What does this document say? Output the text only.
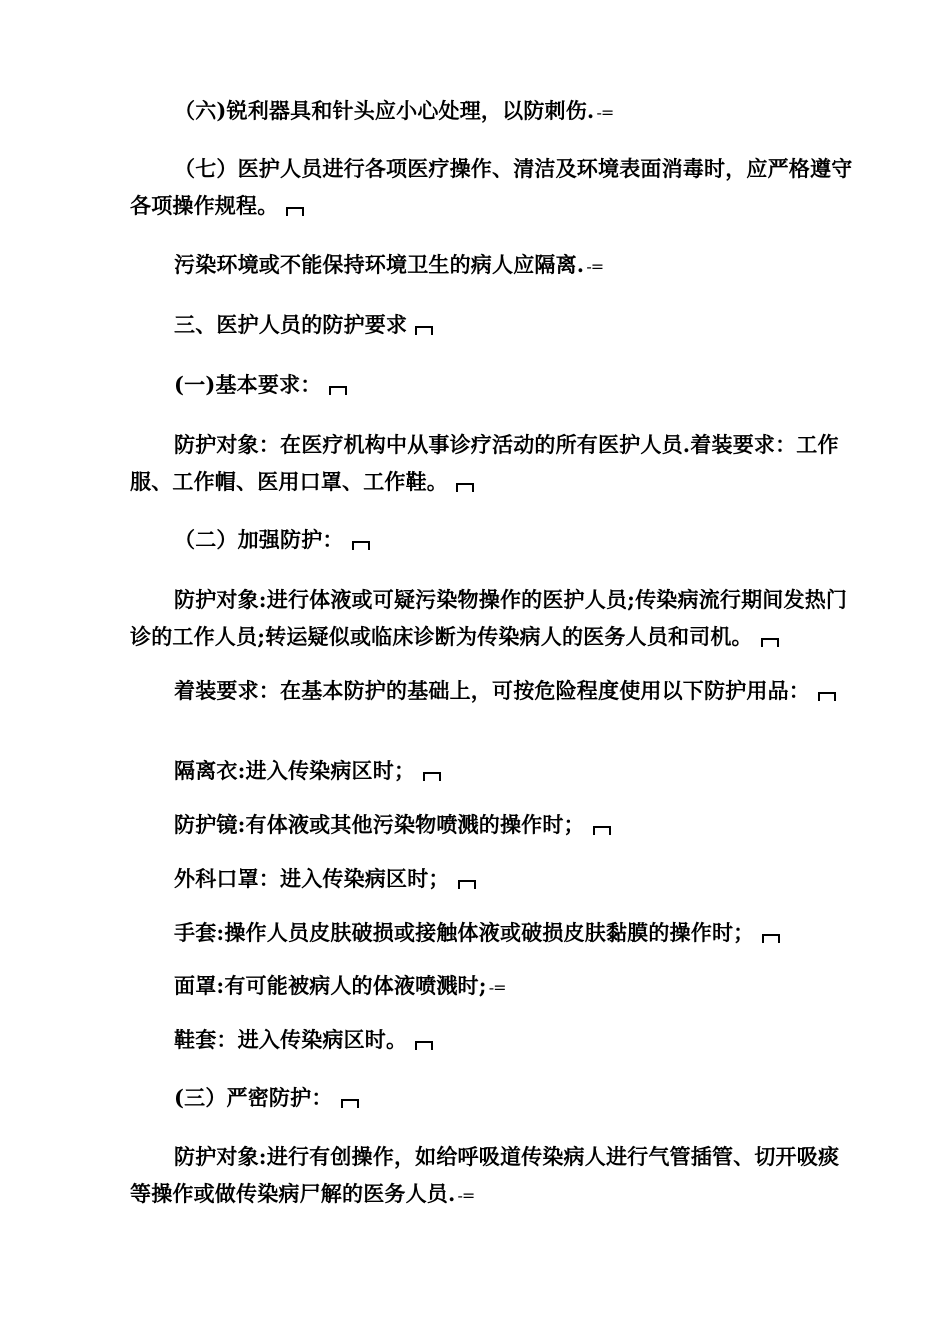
（六)锐利器具和针头应小心处理，以防刺伤. -=

（七）医护人员进行各项医疗操作、清洁及环境表面消毒时，应严格遵守各项操作规程。

污染环境或不能保持环境卫生的病人应隔离. -=

三、医护人员的防护要求

(一)基本要求：

防护对象：在医疗机构中从事诊疗活动的所有医护人员.着装要求：工作服、工作帽、医用口罩、工作鞋。

（二）加强防护：

防护对象:进行体液或可疑污染物操作的医护人员;传染病流行期间发热门诊的工作人员;转运疑似或临床诊断为传染病人的医务人员和司机。

着装要求：在基本防护的基础上，可按危险程度使用以下防护用品：

隔离衣:进入传染病区时；

防护镜:有体液或其他污染物喷溅的操作时；

外科口罩：进入传染病区时；

手套:操作人员皮肤破损或接触体液或破损皮肤黏膜的操作时；

面罩:有可能被病人的体液喷溅时; -=

鞋套：进入传染病区时。

(三）严密防护：

防护对象:进行有创操作，如给呼吸道传染病人进行气管插管、切开吸痰等操作或做传染病尸解的医务人员. -=
